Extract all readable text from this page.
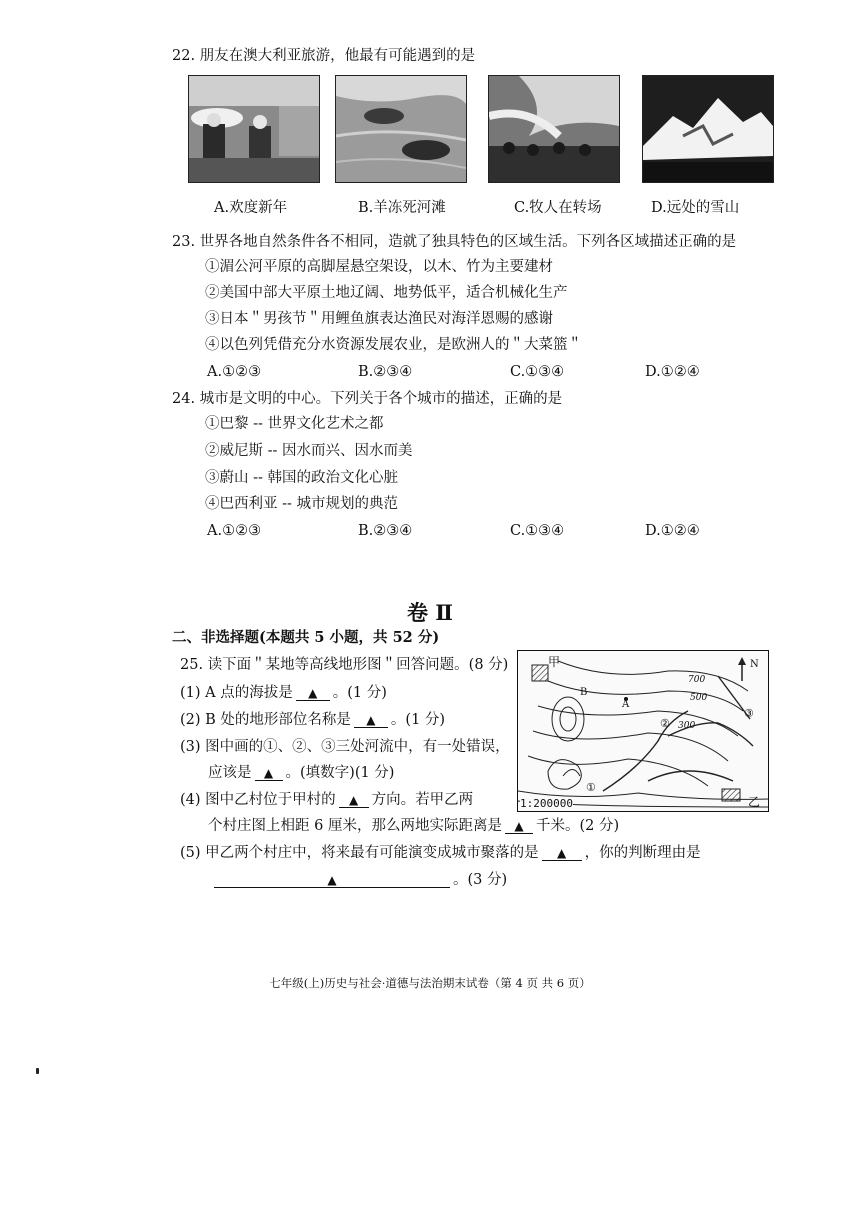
22. 朋友在澳大利亚旅游，他最有可能遇到的是
A.欢度新年	B.羊冻死河滩	C.牧人在转场	D.远处的雪山
23. 世界各地自然条件各不相同，造就了独具特色的区域生活。下列各区域描述正确的是
①湄公河平原的高脚屋悬空架设，以木、竹为主要建材
②美国中部大平原土地辽阔、地势低平，适合机械化生产
③日本＂男孩节＂用鲤鱼旗表达渔民对海洋恩赐的感谢
④以色列凭借充分水资源发展农业，是欧洲人的＂大菜篮＂
A.①②③	B.②③④	C.①③④	D.①②④
24. 城市是文明的中心。下列关于各个城市的描述，正确的是
①巴黎 -- 世界文化艺术之都
②威尼斯 -- 因水而兴、因水而美
③蔚山 -- 韩国的政治文化心脏
④巴西利亚 -- 城市规划的典范
A.①②③	B.②③④	C.①③④	D.①②④
卷 Ⅱ
二、非选择题(本题共 5 小题，共 52 分)
25. 读下面＂某地等高线地形图＂回答问题。(8 分)
(1) A 点的海拔是 ▲ 。(1 分)
(2) B 处的地形部位名称是 ▲ 。(1 分)
(3) 图中画的①、②、③三处河流中，有一处错误，
应该是 ▲ 。(填数字)(1 分)
(4) 图中乙村位于甲村的 ▲ 方向。若甲乙两
个村庄图上相距 6 厘米，那么两地实际距离是 ▲ 千米。(2 分)
(5) 甲乙两个村庄中，将来最有可能演变成城市聚落的是 ▲ ，你的判断理由是
▲	。(3 分)
甲
乙
N
A
B
700
500
300
①
②
③
1:200000
七年级(上)历史与社会·道德与法治期末试卷（第 4 页 共 6 页）
